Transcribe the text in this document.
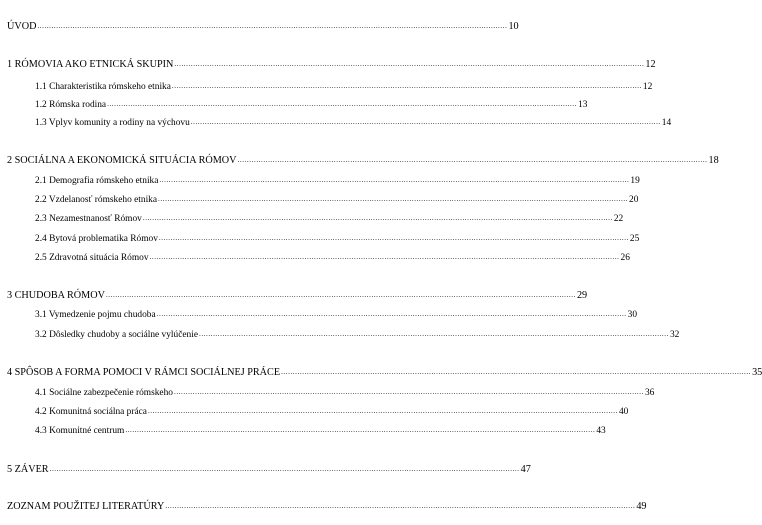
ÚVOD ........................................................................................................................................................................................................ 10
1 RÓMOVIA AKO ETNICKÁ SKUPIN ........................................................................................................................................................................................................ 12
1.1 Charakteristika rómskeho etnika ........................................................................................................................................................................................................ 12
1.2 Rómska rodina ........................................................................................................................................................................................................ 13
1.3 Vplyv komunity a rodiny na výchovu ........................................................................................................................................................................................................ 14
2 SOCIÁLNA A EKONOMICKÁ SITUÁCIA RÓMOV ........................................................................................................................................................................................................ 18
2.1 Demografia rómskeho etnika ........................................................................................................................................................................................................ 19
2.2 Vzdelanosť rómskeho etnika ........................................................................................................................................................................................................ 20
2.3 Nezamestnanosť Rómov ........................................................................................................................................................................................................ 22
2.4 Bytová problematika Rómov ........................................................................................................................................................................................................ 25
2.5 Zdravotná situácia Rómov ........................................................................................................................................................................................................ 26
3 CHUDOBA RÓMOV ........................................................................................................................................................................................................ 29
3.1 Vymedzenie pojmu chudoba ........................................................................................................................................................................................................ 30
3.2 Dôsledky chudoby a sociálne vylúčenie ........................................................................................................................................................................................................ 32
4 SPÔSOB A FORMA POMOCI V RÁMCI SOCIÁLNEJ PRÁCE ........................................................................................................................................................................................................ 35
4.1 Sociálne zabezpečenie rómskeho ........................................................................................................................................................................................................ 36
4.2 Komunitná sociálna práca ........................................................................................................................................................................................................ 40
4.3 Komunitné centrum ........................................................................................................................................................................................................ 43
5 ZÁVER ........................................................................................................................................................................................................ 47
ZOZNAM POUŽITEJ LITERATÚRY ........................................................................................................................................................................................................ 49
